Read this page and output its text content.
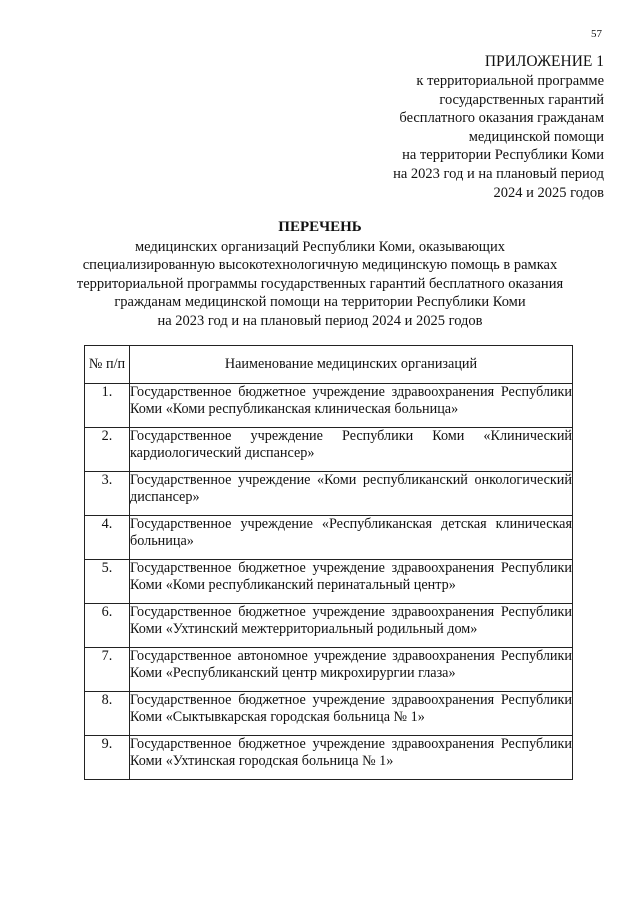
57
ПРИЛОЖЕНИЕ 1
к территориальной программе
государственных гарантий
бесплатного оказания гражданам
медицинской помощи
на территории Республики Коми
на 2023 год и на плановый период
2024 и 2025 годов
ПЕРЕЧЕНЬ
медицинских организаций Республики Коми, оказывающих
специализированную высокотехнологичную медицинскую помощь в рамках
территориальной программы государственных гарантий бесплатного оказания
гражданам медицинской помощи на территории Республики Коми
на 2023 год и на плановый период 2024 и 2025 годов
№ п/п	Наименование медицинских организаций
1.	Государственное бюджетное учреждение здравоохранения Республики Коми «Коми республиканская клиническая больница»
2.	Государственное учреждение Республики Коми «Клинический кардиологический диспансер»
3.	Государственное учреждение «Коми республиканский онкологический диспансер»
4.	Государственное учреждение «Республиканская детская клиническая больница»
5.	Государственное бюджетное учреждение здравоохранения Республики Коми «Коми республиканский перинатальный центр»
6.	Государственное бюджетное учреждение здравоохранения Республики Коми «Ухтинский межтерриториальный родильный дом»
7.	Государственное автономное учреждение здравоохранения Республики Коми «Республиканский центр микрохирургии глаза»
8.	Государственное бюджетное учреждение здравоохранения Республики Коми «Сыктывкарская городская больница № 1»
9.	Государственное бюджетное учреждение здравоохранения Республики Коми «Ухтинская городская больница № 1»
